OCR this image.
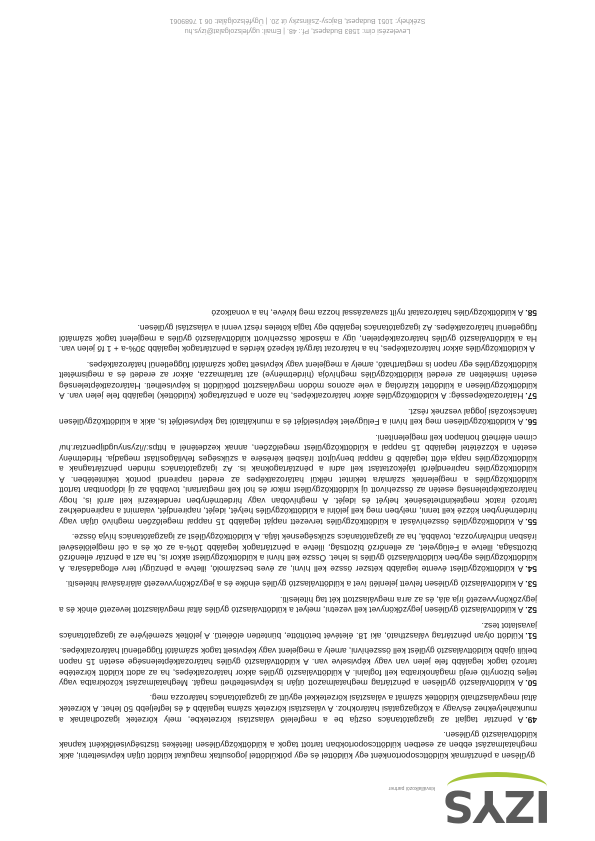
IZYS
kisvállalkozói partner

gyűlésen a pénztárnak küldöttcsoportonként egy küldöttel és egy pótküldöttel jogosultak magukat küldött útján képviseltetni, akik meghatalmazást ebben az esetben küldöttcsoportokban tartott tagok a küldöttközgyűlésen illetékes tisztségviselőkként kapnak küldöttvalasztó gyűlésen.

49.A pénztár tagjait az igazgatótanács osztja be a megfelelő választási körzetekbe, mely körzetek igazodhatnak a munkahelyekhez és/vagy a közigazgatási határokhoz. A választási körzetek száma legalább 4 és legfeljebb 50 lehet. A körzetek által megválasztható küldöttek számát a választási körzetekkel együtt az igazgatótanács határozza meg.

50.A küldöttválasztó gyűlésen a pénztártag meghatalmazott útján is képviseltetheti magát. Meghatalmazást közokiratba vagy teljes bizonyító erejű magánokiratba kell foglalni. A küldöttválasztó gyűlés akkor határozatképes, ha az adott küldött körzetébe tartozó tagok legalább fele jelen van vagy képviselve van. A küldöttválasztó gyűlés határozatképtelensége esetén 15 napon belüli újabb küldöttválasztó gyűlést kell összehívni, amely a megjelent vagy képviselt tagok számától függetlenül határozatképes.

51.Küldött olyan pénztártag választható, aki 18. életévét betöltötte, büntetlen előéletű. A jelöltek személyére az igazgatótanács javaslatot tesz.

52.A küldöttválasztó gyűlésen jegyzőkönyvet kell vezetni, melyet a küldöttválasztó gyűlés által megválasztott levezető elnök és a jegyzőkönyvvezető írja alá, és az arra megválasztott két tag hitelesíti.

53.A küldöttválasztó gyűlésen felvett jelenléti ívet a küldöttválasztó gyűlés elnöke és a jegyzőkönyvvezető aláírásával hitelesíti.

54.A küldöttközgyűlést évente legalább kétszer össze kell hívni, az éves beszámoló, illetve a pénzügyi terv elfogadására. A küldöttközgyűlés egyben küldöttválasztó gyűlés is lehet. Össze kell hívni a küldöttközgyűlést akkor is, ha azt a pénztár ellenőrző bizottsága, illetve a Felügyelet, az ellenőrző bizottság, illetve a pénztártagok legalább 10%-a az ok és a cél megjelölésével írásban indítványozza, továbbá, ha az igazgatótanács szükségesnek látja. A küldöttközgyűlést az igazgatótanács hívja össze.

55.A küldöttközgyűlés összehívását a küldöttközgyűlés tervezett napját legalább 15 nappal megelőzően meghívó útján vagy hirdetményben közzé kell tenni, melyben meg kell jelölni a küldöttközgyűlés helyét, idejét, napirendjét, valamint a napirendekhez tartozó iratok megtekinthetésének helyét és idejét. A meghívóban vagy hirdetményben rendelkezni kell arról is, hogy határozatképtelenség esetén az összehívott új küldöttközgyűlést mikor és hol kell megtartani, továbbá az új időpontban tartott küldöttközgyűlés a megjelentek számára tekintet nélkül határozatképes az eredeti napirendi pontok tekintetében. A küldöttközgyűlés napirendjéről tájékoztatást kell adni a pénztártagoknak is. Az igazgatótanács minden pénztártagnak a küldöttközgyűlés napja előtt legalább 8 nappal benyújtott írásbeli kérésére a szükséges felvilágosítást megadja. Hirdetmény esetén a közzététel legalább 15 nappal a küldöttközgyűlést megelőzően, annak kezdeténél a https://izysnyugdijpenztar.hu/ címen elérhető honlapon kell megjeleníteni.

56.A küldöttközgyűlésen meg kell hívni a Felügyelet képviselőjét és a munkáltatói tag képviselőjét is, akik a küldöttközgyűlésen tanácskozási joggal vesznek részt.

57.Határozatképesség: A küldöttközgyűlés akkor határozatképes, ha azon a pénztártagok (küldöttek) legalább fele jelen van. A küldöttközgyűlésen a küldöttet kizárólag a vele azonos módon megválasztott pótküldött is képviselheti. Határozatképtelenség esetén ismételten az eredeti küldöttközgyűlés meghívója (hirdetménye) azt tartalmazza, akkor az eredeti és a megismételt küldöttközgyűlés egy napon is megtartható, amely a megjelent vagy képviselt tagok számától függetlenül határozatképes.

A küldöttközgyűlés akkor határozatképes, ha a határozat tárgyát képező kérdés a pénztártagok legalább 30%-a + 1 fő jelen van. Ha a küldöttválasztó gyűlés határozatképtelen, úgy a második összehívott küldöttválasztó gyűlés a megjelent tagok számától függetlenül határozatképes. Az igazgatótanács legalább egy tagja köteles részt venni a választási gyűlésen.

58.A küldöttközgyűlés határozatait nyílt szavazással hozza meg kivéve, ha a vonatkozó

Levelezési cím: 1583 Budapest, Pf.: 48. | Email: ugyfelszolgalat@izys.hu
Székhely: 1051 Budapest, Bajcsy-Zsilinszky út 20. | Ügyfélszolgálat: 06 1 7689061
